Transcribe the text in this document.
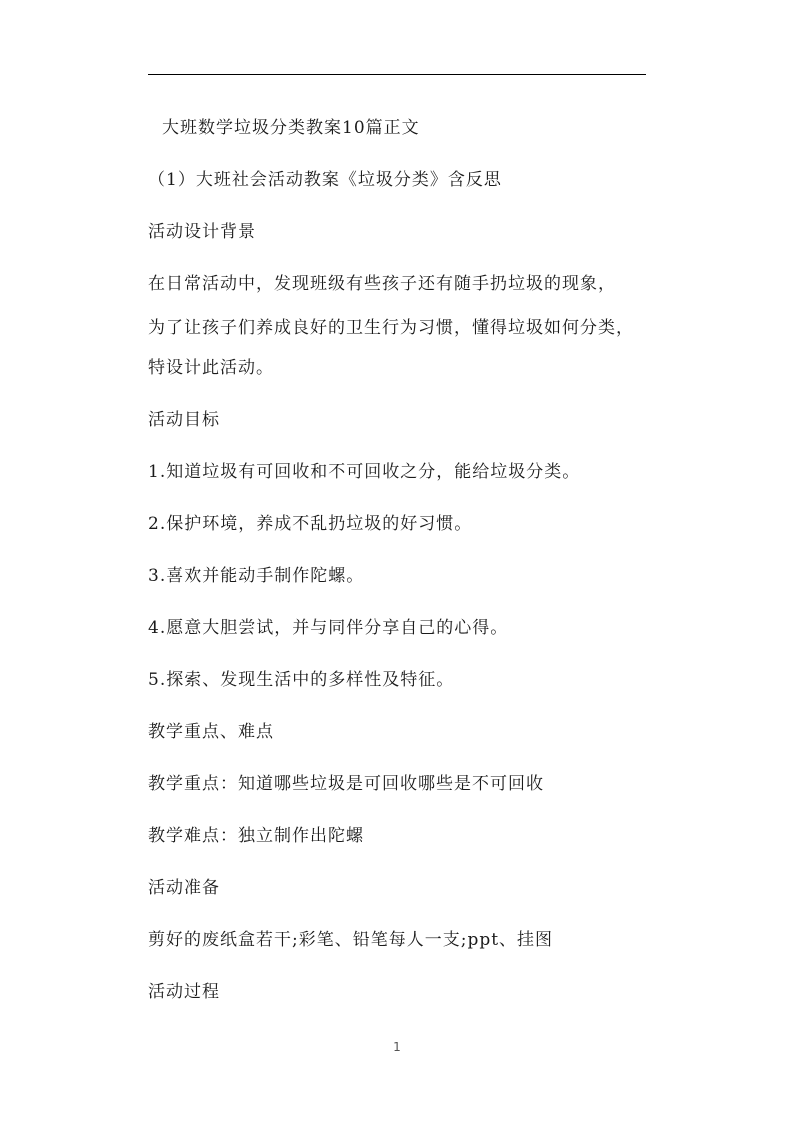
大班数学垃圾分类教案10篇正文
（1）大班社会活动教案《垃圾分类》含反思
活动设计背景
在日常活动中，发现班级有些孩子还有随手扔垃圾的现象，
为了让孩子们养成良好的卫生行为习惯，懂得垃圾如何分类，
特设计此活动。
活动目标
1.知道垃圾有可回收和不可回收之分，能给垃圾分类。
2.保护环境，养成不乱扔垃圾的好习惯。
3.喜欢并能动手制作陀螺。
4.愿意大胆尝试，并与同伴分享自己的心得。
5.探索、发现生活中的多样性及特征。
教学重点、难点
教学重点：知道哪些垃圾是可回收哪些是不可回收
教学难点：独立制作出陀螺
活动准备
剪好的废纸盒若干;彩笔、铅笔每人一支;ppt、挂图
活动过程
1
